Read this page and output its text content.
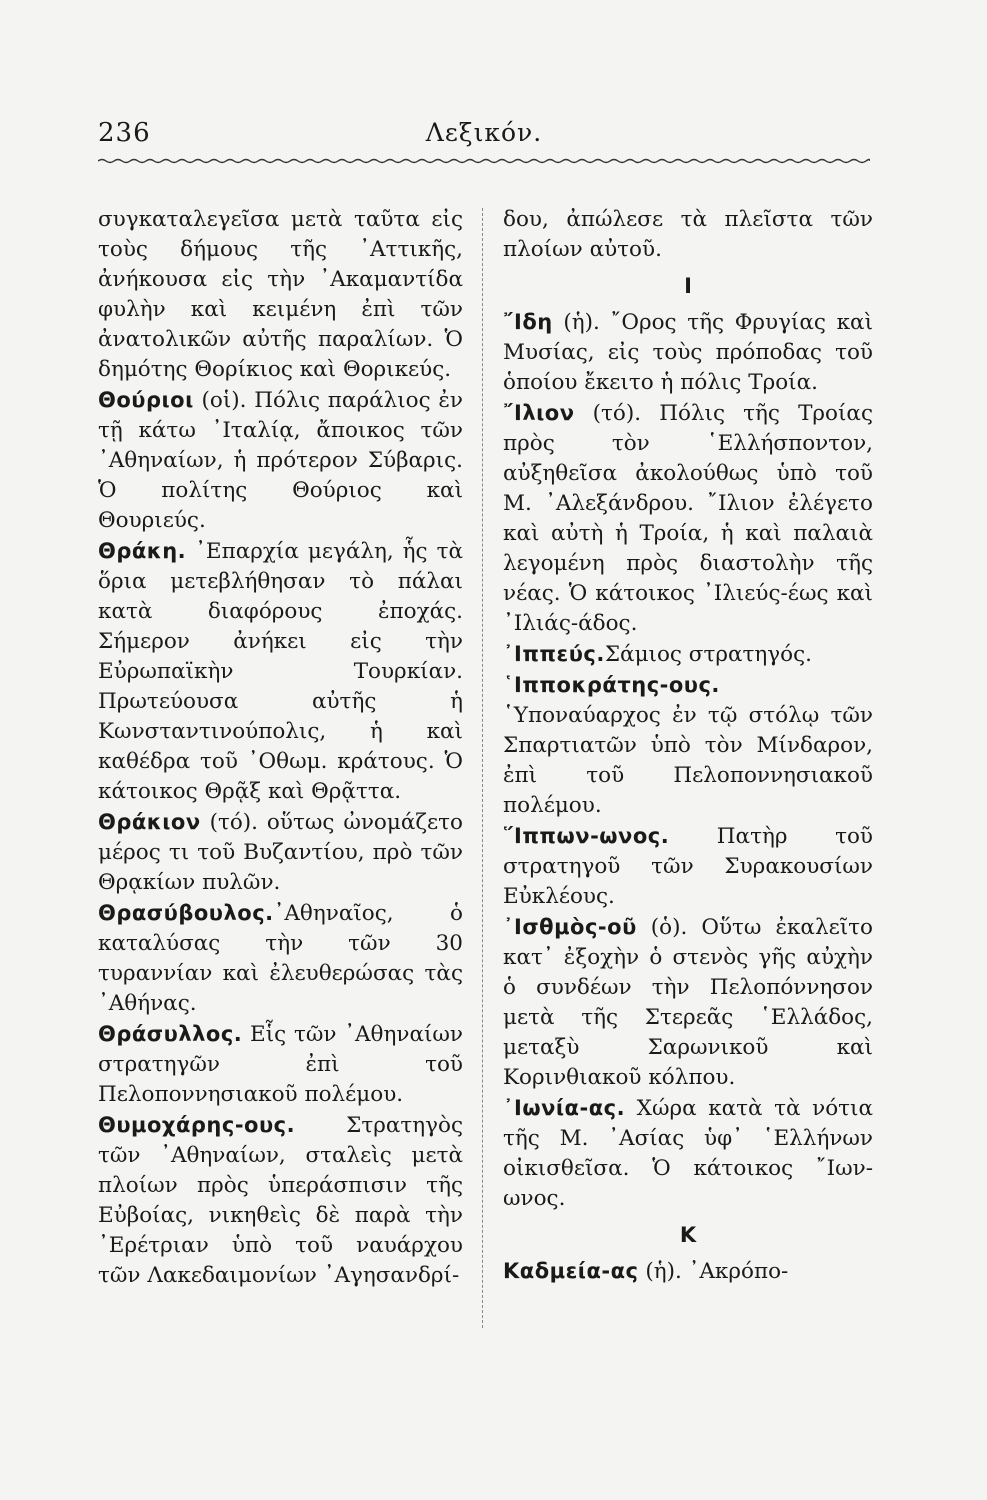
236	Λεξικόν.

συγκαταλεγεῖσα μετὰ ταῦτα εἰς τοὺς δήμους τῆς ᾿Αττικῆς, ἀνήκουσα εἰς τὴν ᾿Ακαμαντίδα φυλὴν καὶ κειμένη ἐπὶ τῶν ἀνατολικῶν αὐτῆς παραλίων. Ὁ δημότης Θορίκιος καὶ Θορικεύς.

Θούριοι (οἱ). Πόλις παράλιος ἐν τῇ κάτω ᾿Ιταλίᾳ, ἄποικος τῶν ᾿Αθηναίων, ἡ πρότερον Σύβαρις. Ὁ πολίτης Θούριος καὶ Θουριεύς.

Θράκη. ᾿Επαρχία μεγάλη, ἧς τὰ ὅρια μετεβλήθησαν τὸ πάλαι κατὰ διαφόρους ἐποχάς. Σήμερον ἀνήκει εἰς τὴν Εὐρωπαϊκὴν Τουρκίαν. Πρωτεύουσα αὐτῆς ἡ Κωνσταντινούπολις, ἡ καὶ καθέδρα τοῦ ᾿Οθωμ. κράτους. Ὁ κάτοικος Θρᾷξ καὶ Θρᾷττα.

Θράκιον (τό). οὕτως ὠνομάζετο μέρος τι τοῦ Βυζαντίου, πρὸ τῶν Θρᾳκίων πυλῶν.

Θρασύβουλος.᾿Αθηναῖος, ὁ καταλύσας τὴν τῶν 30 τυραννίαν καὶ ἐλευθερώσας τὰς ᾿Αθήνας.

Θράσυλλος. Εἷς τῶν ᾿Αθηναίων στρατηγῶν ἐπὶ τοῦ Πελοποννησιακοῦ πολέμου.

Θυμοχάρης-ους. Στρατηγὸς τῶν ᾿Αθηναίων, σταλεὶς μετὰ πλοίων πρὸς ὑπεράσπισιν τῆς Εὐβοίας, νικηθεὶς δὲ παρὰ τὴν ᾿Ερέτριαν ὑπὸ τοῦ ναυάρχου τῶν Λακεδαιμονίων ᾿Αγησανδρί-

δου, ἀπώλεσε τὰ πλεῖστα τῶν πλοίων αὐτοῦ.

I

῎Ιδη (ἡ). ῎Ορος τῆς Φρυγίας καὶ Μυσίας, εἰς τοὺς πρόποδας τοῦ ὁποίου ἔκειτο ἡ πόλις Τροία.

῎Ιλιον (τό). Πόλις τῆς Τροίας πρὸς τὸν ῾Ελλήσποντον, αὐξηθεῖσα ἀκολούθως ὑπὸ τοῦ Μ. ᾿Αλεξάνδρου. ῎Ιλιον ἐλέγετο καὶ αὐτὴ ἡ Τροία, ἡ καὶ παλαιὰ λεγομένη πρὸς διαστολὴν τῆς νέας. Ὁ κάτοικος ᾿Ιλιεύς-έως καὶ ᾿Ιλιάς-άδος.

᾿Ιππεύς.Σάμιος στρατηγός.

῾Ιπποκράτης-ους. ῾Υποναύαρχος ἐν τῷ στόλῳ τῶν Σπαρτιατῶν ὑπὸ τὸν Μίνδαρον, ἐπὶ τοῦ Πελοποννησιακοῦ πολέμου.

῞Ιππων-ωνος. Πατὴρ τοῦ στρατηγοῦ τῶν Συρακουσίων Εὐκλέους.

᾿Ισθμὸς-οῦ (ὁ). Οὕτω ἐκαλεῖτο κατ᾿ ἐξοχὴν ὁ στενὸς γῆς αὐχὴν ὁ συνδέων τὴν Πελοπόννησον μετὰ τῆς Στερεᾶς ῾Ελλάδος, μεταξὺ Σαρωνικοῦ καὶ Κορινθιακοῦ κόλπου.

᾿Ιωνία-ας. Χώρα κατὰ τὰ νότια τῆς Μ. ᾿Ασίας ὑφ᾿ ῾Ελλήνων οἰκισθεῖσα. Ὁ κάτοικος ῎Ιων-ωνος.

K

Καδμεία-ας (ἡ). ᾿Ακρόπο-
